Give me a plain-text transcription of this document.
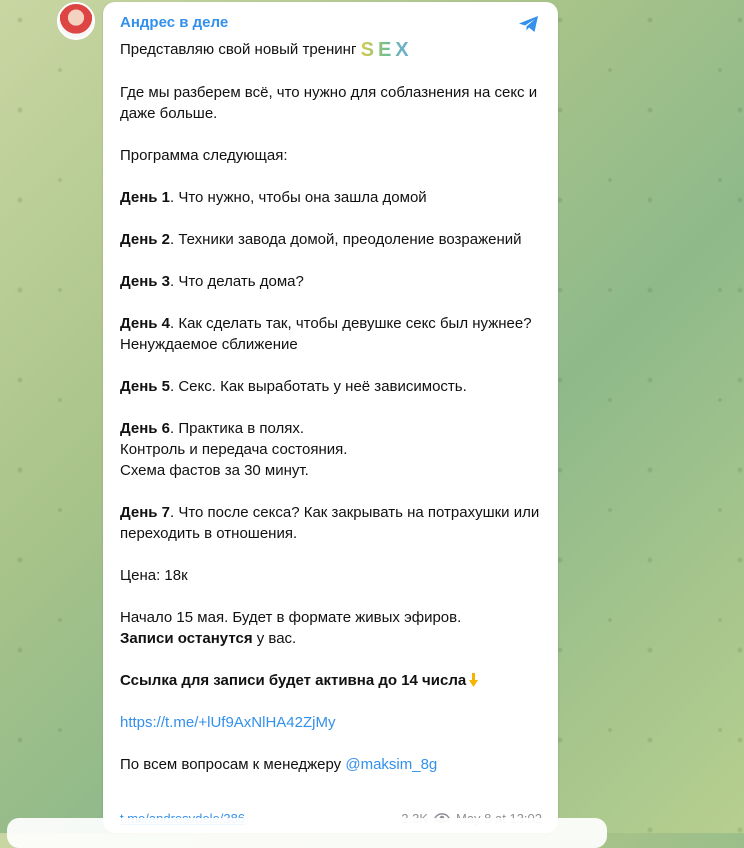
Андрес в деле

Представляю свой новый тренинг SEX

Где мы разберем всё, что нужно для соблазнения на секс и даже больше.

Программа следующая:

День 1. Что нужно, чтобы она зашла домой

День 2. Техники завода домой, преодоление возражений

День 3. Что делать дома?

День 4. Как сделать так, чтобы девушке секс был нужнее? Ненуждаемое сближение

День 5. Секс. Как выработать у неё зависимость.

День 6. Практика в полях.
Контроль и передача состояния.
Схема фастов за 30 минут.

День 7. Что после секса? Как закрывать на потрахушки или переходить в отношения.

Цена: 18к

Начало 15 мая. Будет в формате живых эфиров.
Записи останутся у вас.

Ссылка для записи будет активна до 14 числа

https://t.me/+lUf9AxNlHA42ZjMy

По всем вопросам к менеджеру @maksim_8g
